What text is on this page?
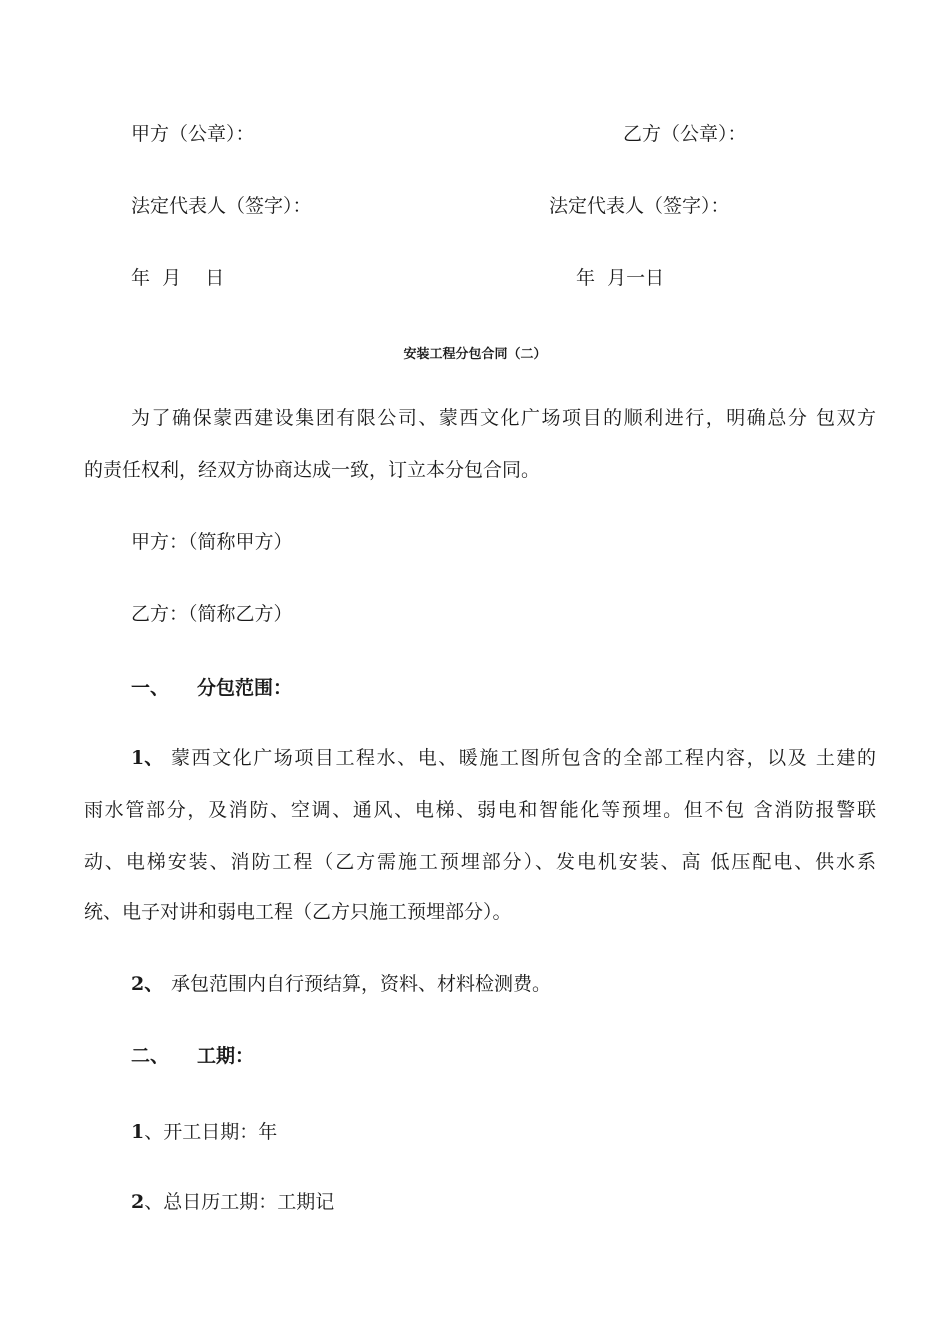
甲方（公章）：	乙方（公章）：
法定代表人（签字）：	法定代表人（签字）：
年  月    日	年  月一日
安装工程分包合同（二）
为了确保蒙西建设集团有限公司、蒙西文化广场项目的顺利进行，明确总分 包双方
的责任权利，经双方协商达成一致，订立本分包合同。
甲方：（简称甲方）
乙方：（简称乙方）
一、 分包范围：
1、 蒙西文化广场项目工程水、电、暖施工图所包含的全部工程内容，以及 土建的
雨水管部分，及消防、空调、通风、电梯、弱电和智能化等预埋。但不包 含消防报警联
动、电梯安装、消防工程（乙方需施工预埋部分）、发电机安装、高 低压配电、供水系
统、电子对讲和弱电工程（乙方只施工预埋部分）。
2、 承包范围内自行预结算，资料、材料检测费。
二、 工期：
1、开工日期：年
2、总日历工期：工期记
